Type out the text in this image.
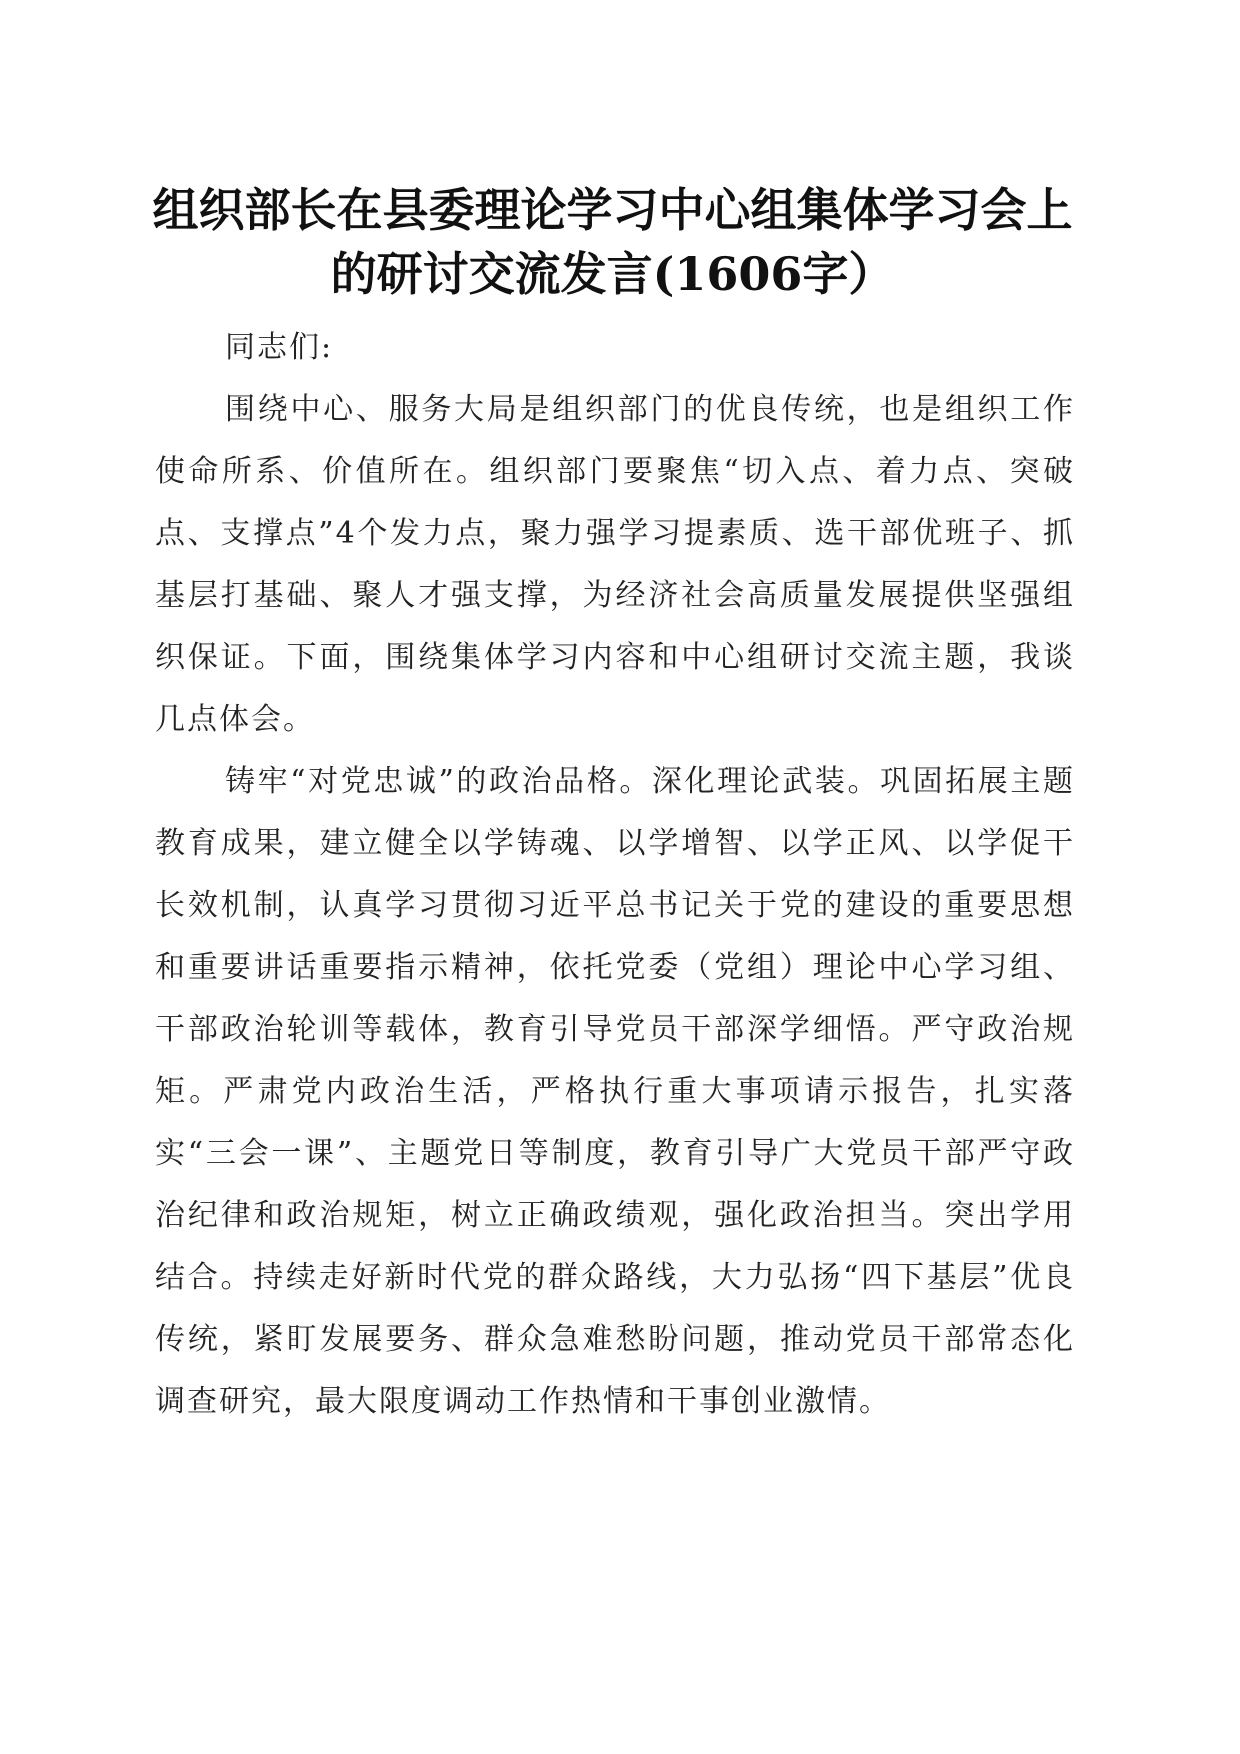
组织部长在县委理论学习中心组集体学习会上
的研讨交流发言(1606字）

同志们:

围绕中心、服务大局是组织部门的优良传统，也是组织工作使命所系、价值所在。组织部门要聚焦“切入点、着力点、突破点、支撑点”4个发力点，聚力强学习提素质、选干部优班子、抓基层打基础、聚人才强支撑，为经济社会高质量发展提供坚强组织保证。下面，围绕集体学习内容和中心组研讨交流主题，我谈几点体会。

铸牢“对党忠诚”的政治品格。深化理论武装。巩固拓展主题教育成果，建立健全以学铸魂、以学增智、以学正风、以学促干长效机制，认真学习贯彻习近平总书记关于党的建设的重要思想和重要讲话重要指示精神，依托党委（党组）理论中心学习组、干部政治轮训等载体，教育引导党员干部深学细悟。严守政治规矩。严肃党内政治生活，严格执行重大事项请示报告，扎实落实“三会一课”、主题党日等制度，教育引导广大党员干部严守政治纪律和政治规矩，树立正确政绩观，强化政治担当。突出学用结合。持续走好新时代党的群众路线，大力弘扬“四下基层”优良传统，紧盯发展要务、群众急难愁盼问题，推动党员干部常态化调查研究，最大限度调动工作热情和干事创业激情。
